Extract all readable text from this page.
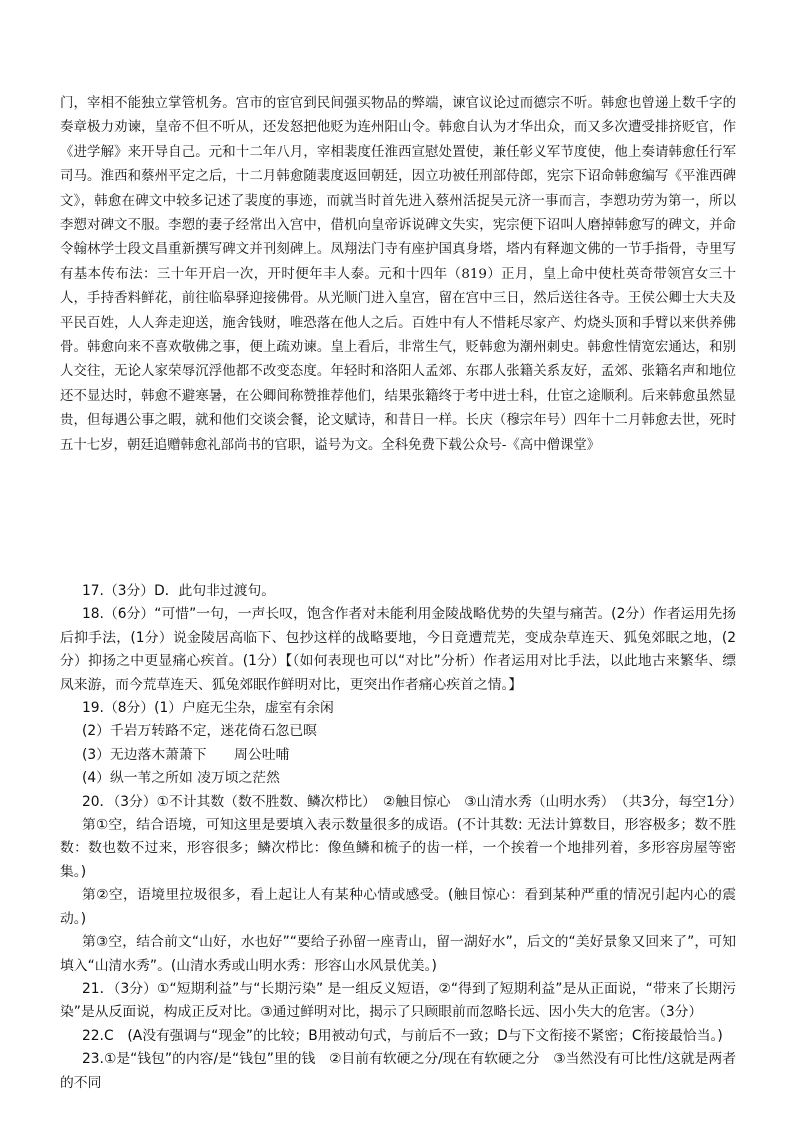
门，宰相不能独立掌管机务。宫市的宦官到民间强买物品的弊端，谏官议论过而德宗不听。韩愈也曾递上数千字的奏章极力劝谏，皇帝不但不听从，还发怒把他贬为连州阳山令。韩愈自认为才华出众，而又多次遭受排挤贬官，作《进学解》来开导自己。元和十二年八月，宰相裴度任淮西宣慰处置使，兼任彰义军节度使，他上奏请韩愈任行军司马。淮西和蔡州平定之后，十二月韩愈随裴度返回朝廷，因立功被任刑部侍郎，宪宗下诏命韩愈编写《平淮西碑文》，韩愈在碑文中较多记述了裴度的事迹，而就当时首先进入蔡州活捉吴元济一事而言，李愬功劳为第一，所以李愬对碑文不服。李愬的妻子经常出入宫中，借机向皇帝诉说碑文失实，宪宗便下诏叫人磨掉韩愈写的碑文，并命令翰林学士段文昌重新撰写碑文并刊刻碑上。凤翔法门寺有座护国真身塔，塔内有释迦文佛的一节手指骨，寺里写有基本传布法：三十年开启一次，开时便年丰人泰。元和十四年（819）正月，皇上命中使杜英奇带领宫女三十人，手持香料鲜花，前往临皋驿迎接佛骨。从光顺门进入皇宫，留在宫中三日，然后送往各寺。王侯公卿士大夫及平民百姓，人人奔走迎送，施舍钱财，唯恐落在他人之后。百姓中有人不惜耗尽家产、灼烧头顶和手臂以来供养佛骨。韩愈向来不喜欢敬佛之事，便上疏劝谏。皇上看后，非常生气，贬韩愈为潮州刺史。韩愈性情宽宏通达，和别人交往，无论人家荣辱沉浮他都不改变态度。年轻时和洛阳人孟郊、东郡人张籍关系友好，孟郊、张籍名声和地位还不显达时，韩愈不避寒暑，在公卿间称赞推荐他们，结果张籍终于考中进士科，仕宦之途顺利。后来韩愈虽然显贵，但每遇公事之暇，就和他们交谈会餐，论文赋诗，和昔日一样。长庆（穆宗年号）四年十二月韩愈去世，死时五十七岁，朝廷追赠韩愈礼部尚书的官职，谥号为文。全科免费下载公众号-《高中僧课堂》

17.（3分）D．此句非过渡句。

18.（6分）“可惜”一句，一声长叹，饱含作者对未能利用金陵战略优势的失望与痛苦。(2分）作者运用先扬后抑手法，(1分）说金陵居高临下、包抄这样的战略要地，今日竟遭荒芜，变成杂草连天、狐兔郊眠之地，(2分）抑扬之中更显痛心疾首。(1分）【（如何表现也可以“对比”分析）作者运用对比手法，以此地古来繁华、缥凤来游，而今荒草连天、狐兔郊眠作鲜明对比，更突出作者痛心疾首之情。】

19.（8分）(1）户庭无尘杂，虚室有余闲

(2）千岩万转路不定，迷花倚石忽已暝

(3）无边落木萧萧下　　周公吐哺

(4）纵一苇之所如 凌万顷之茫然

20．（3分）①不计其数（数不胜数、鳞次栉比）　②触目惊心　③山清水秀（山明水秀）　（共3分，每空1分）

第①空，结合语境，可知这里是要填入表示数量很多的成语。(不计其数: 无法计算数目，形容极多；数不胜数：数也数不过来，形容很多；鳞次栉比：像鱼鳞和梳子的齿一样，一个挨着一个地排列着，多形容房屋等密集。)

第②空，语境里拉圾很多，看上起让人有某种心情或感受。(触目惊心：看到某种严重的情况引起内心的震动。)

第③空，结合前文“山好，水也好”“要给子孙留一座青山，留一湖好水”，后文的“美好景象又回来了”，可知填入“山清水秀”。(山清水秀或山明水秀：形容山水风景优美。)

21．（3分）①“短期利益”与“长期污染” 是一组反义短语，②“得到了短期利益”是从正面说，“带来了长期污染”是从反面说，构成正反对比。③通过鲜明对比，揭示了只顾眼前而忽略长远、因小失大的危害。（3分）

22.C　(A没有强调与“现金”的比较；B用被动句式，与前后不一致；D与下文衔接不紧密；C衔接最恰当。)

23.①是“钱包”的内容/是“钱包”里的钱　②目前有软硬之分/现在有软硬之分　③当然没有可比性/这就是两者的不同
